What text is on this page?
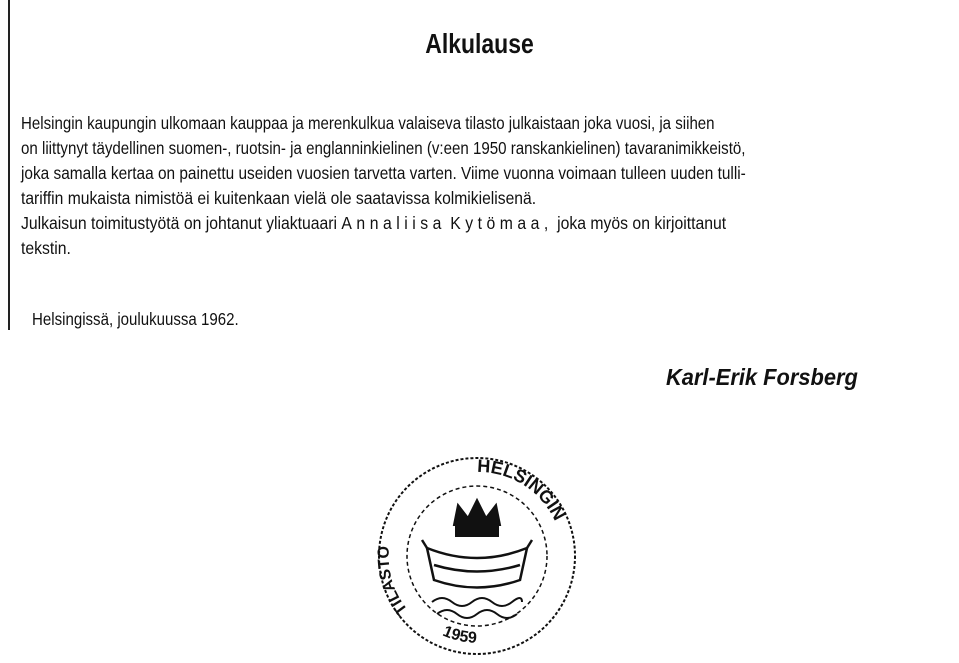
Alkulause
Helsingin kaupungin ulkomaan kauppaa ja merenkulkua valaiseva tilasto julkaistaan joka vuosi, ja siihen
on liittynyt täydellinen suomen-, ruotsin- ja englanninkielinen (v:een 1950 ranskankielinen) tavaranimikkeistö,
joka samalla kertaa on painettu useiden vuosien tarvetta varten. Viime vuonna voimaan tulleen uuden tulli-
tariffin mukaista nimistöä ei kuitenkaan vielä ole saatavissa kolmikielisenä.
Julkaisun toimitustyötä on johtanut yliaktuaari Annaliisa Kytömaa, joka myös on kirjoittanut
tekstin.
Helsingissä, joulukuussa 1962.
Karl-Erik Forsberg
HELSINGIN
TILASTO
1959
